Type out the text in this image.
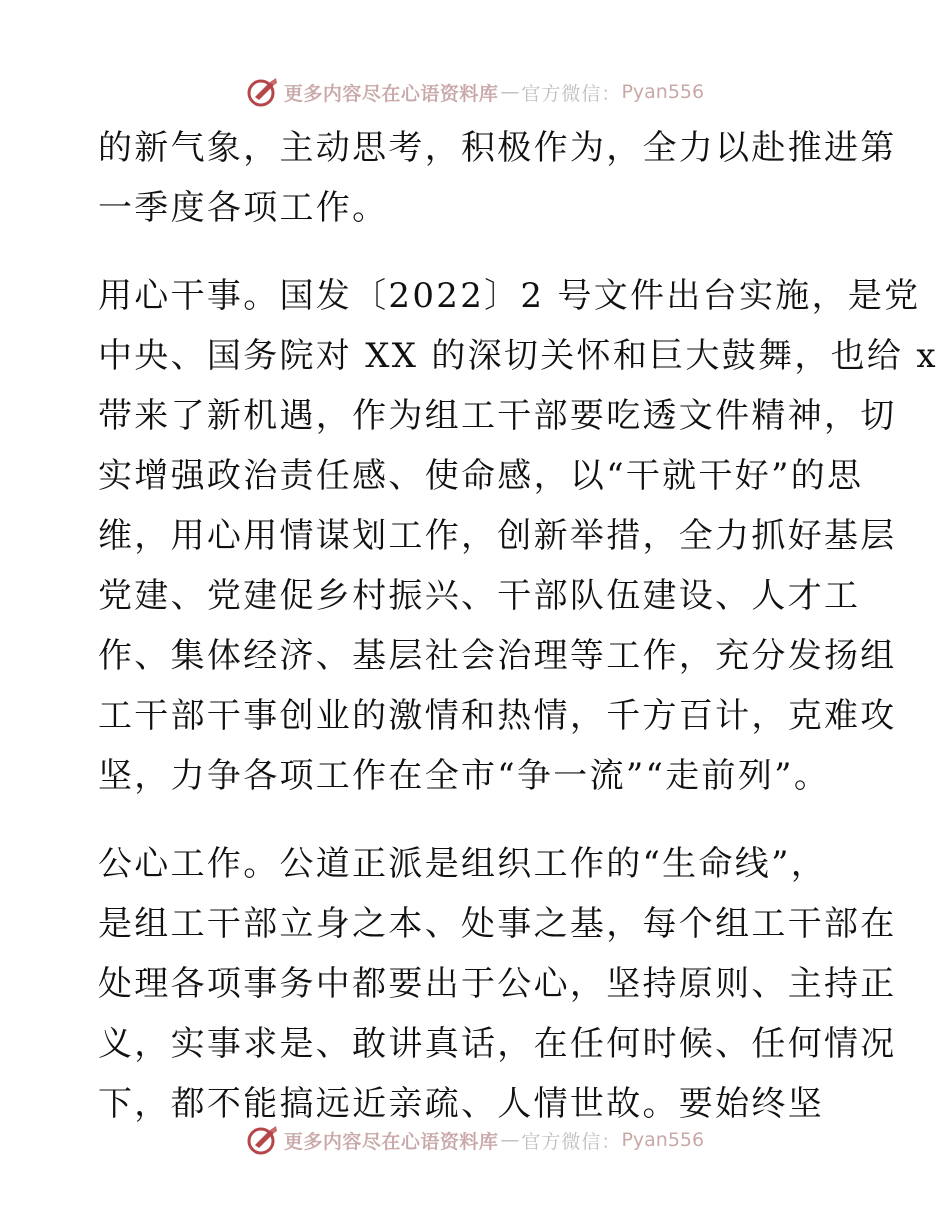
更多内容尽在心语资料库 — 官方微信： Pyan556
的新气象，主动思考，积极作为，全力以赴推进第
一季度各项工作。
用心干事。国发〔2022〕2 号文件出台实施，是党
中央、国务院对 XX 的深切关怀和巨大鼓舞，也给 x
带来了新机遇，作为组工干部要吃透文件精神，切
实增强政治责任感、使命感，以“干就干好”的思
维，用心用情谋划工作，创新举措，全力抓好基层
党建、党建促乡村振兴、干部队伍建设、人才工
作、集体经济、基层社会治理等工作，充分发扬组
工干部干事创业的激情和热情，千方百计，克难攻
坚，力争各项工作在全市“争一流”“走前列”。
公心工作。公道正派是组织工作的“生命线”，
是组工干部立身之本、处事之基，每个组工干部在
处理各项事务中都要出于公心，坚持原则、主持正
义，实事求是、敢讲真话，在任何时候、任何情况
下，都不能搞远近亲疏、人情世故。要始终坚
更多内容尽在心语资料库 — 官方微信： Pyan556
